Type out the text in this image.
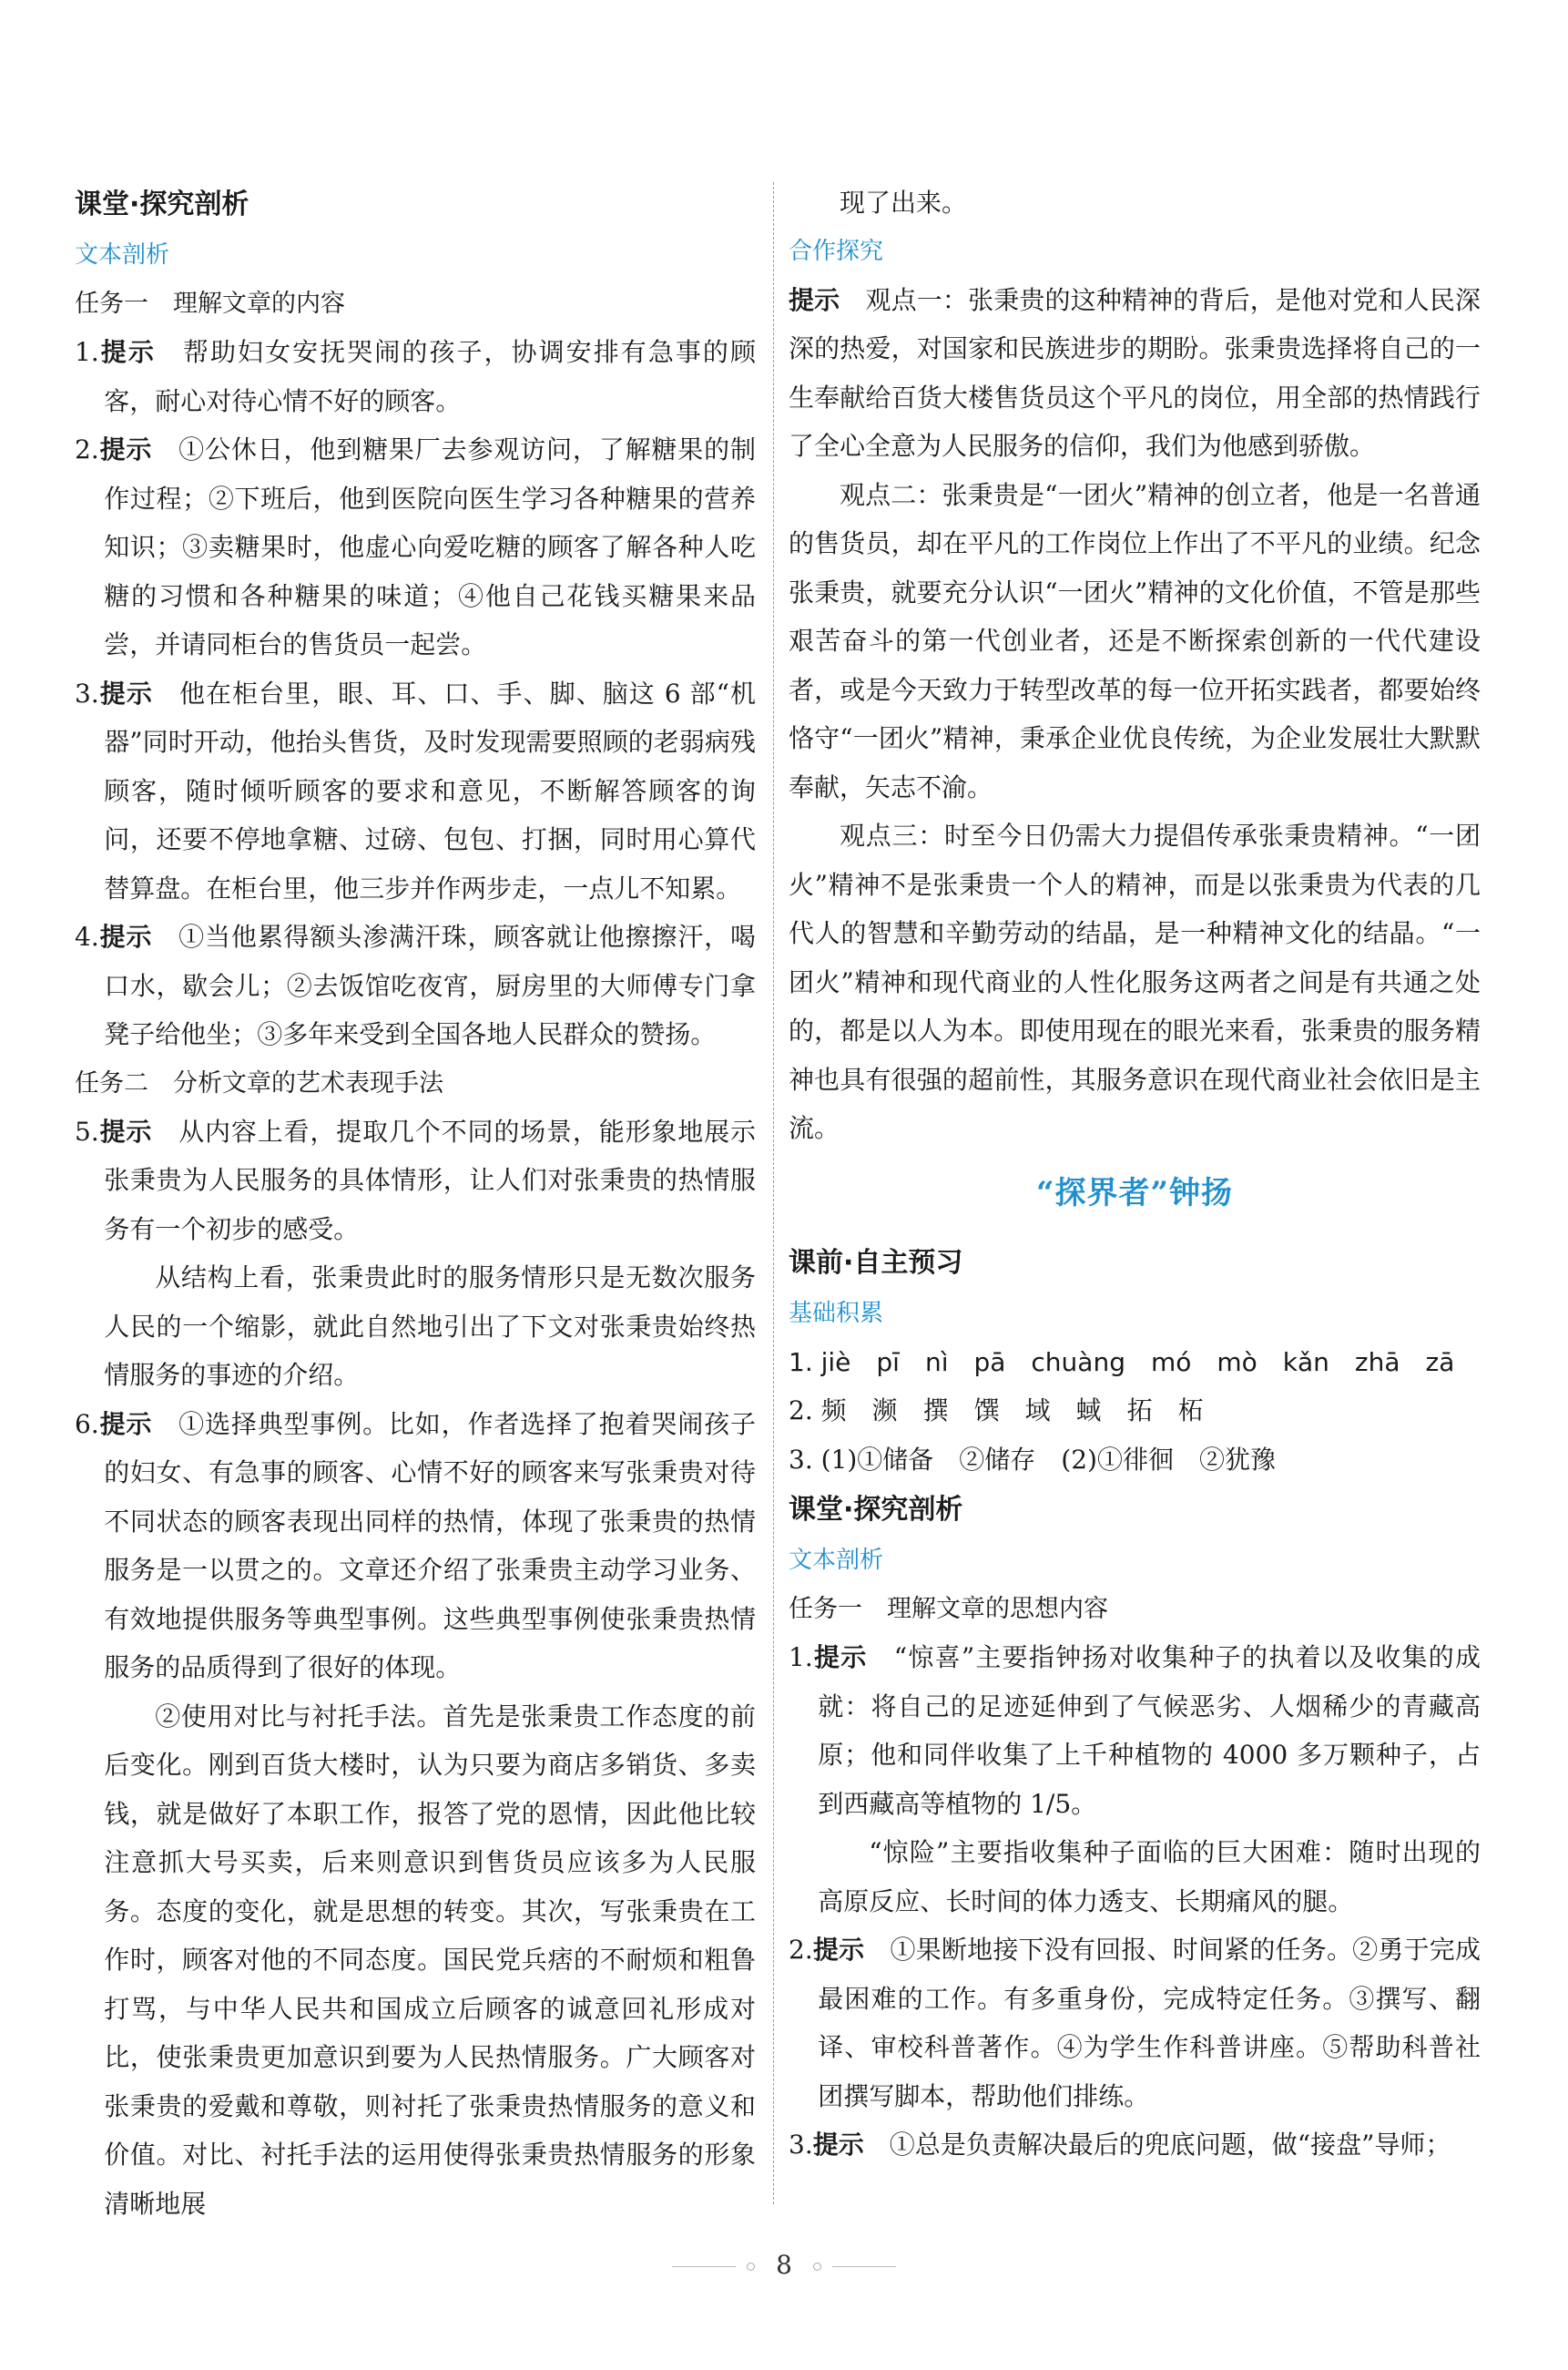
课堂·探究剖析

文本剖析

任务一　理解文章的内容

1.提示　 帮助妇女安抚哭闹的孩子，协调安排有急事的顾客，耐心对待心情不好的顾客。

2.提示　 ①公休日，他到糖果厂去参观访问，了解糖果的制作过程；②下班后，他到医院向医生学习各种糖果的营养知识；③卖糖果时，他虚心向爱吃糖的顾客了解各种人吃糖的习惯和各种糖果的味道；④他自己花钱买糖果来品尝，并请同柜台的售货员一起尝。

3.提示　 他在柜台里，眼、耳、口、手、脚、脑这 6 部“机器”同时开动，他抬头售货，及时发现需要照顾的老弱病残顾客，随时倾听顾客的要求和意见，不断解答顾客的询问，还要不停地拿糖、过磅、包包、打捆，同时用心算代替算盘。在柜台里，他三步并作两步走，一点儿不知累。

4.提示　 ①当他累得额头渗满汗珠，顾客就让他擦擦汗，喝口水，歇会儿；②去饭馆吃夜宵，厨房里的大师傅专门拿凳子给他坐；③多年来受到全国各地人民群众的赞扬。

任务二　分析文章的艺术表现手法

5.提示　 从内容上看，提取几个不同的场景，能形象地展示张秉贵为人民服务的具体情形，让人们对张秉贵的热情服务有一个初步的感受。

从结构上看，张秉贵此时的服务情形只是无数次服务人民的一个缩影，就此自然地引出了下文对张秉贵始终热情服务的事迹的介绍。

6.提示　 ①选择典型事例。比如，作者选择了抱着哭闹孩子的妇女、有急事的顾客、心情不好的顾客来写张秉贵对待不同状态的顾客表现出同样的热情，体现了张秉贵的热情服务是一以贯之的。文章还介绍了张秉贵主动学习业务、有效地提供服务等典型事例。这些典型事例使张秉贵热情服务的品质得到了很好的体现。

②使用对比与衬托手法。首先是张秉贵工作态度的前后变化。刚到百货大楼时，认为只要为商店多销货、多卖钱，就是做好了本职工作，报答了党的恩情，因此他比较注意抓大号买卖，后来则意识到售货员应该多为人民服务。态度的变化，就是思想的转变。其次，写张秉贵在工作时，顾客对他的不同态度。国民党兵痞的不耐烦和粗鲁打骂，与中华人民共和国成立后顾客的诚意回礼形成对比，使张秉贵更加意识到要为人民热情服务。广大顾客对张秉贵的爱戴和尊敬，则衬托了张秉贵热情服务的意义和价值。对比、衬托手法的运用使得张秉贵热情服务的形象清晰地展

现了出来。

合作探究

提示　 观点一：张秉贵的这种精神的背后，是他对党和人民深深的热爱，对国家和民族进步的期盼。张秉贵选择将自己的一生奉献给百货大楼售货员这个平凡的岗位，用全部的热情践行了全心全意为人民服务的信仰，我们为他感到骄傲。

观点二：张秉贵是“一团火”精神的创立者，他是一名普通的售货员，却在平凡的工作岗位上作出了不平凡的业绩。纪念张秉贵，就要充分认识“一团火”精神的文化价值，不管是那些艰苦奋斗的第一代创业者，还是不断探索创新的一代代建设者，或是今天致力于转型改革的每一位开拓实践者，都要始终恪守“一团火”精神，秉承企业优良传统，为企业发展壮大默默奉献，矢志不渝。

观点三：时至今日仍需大力提倡传承张秉贵精神。“一团火”精神不是张秉贵一个人的精神，而是以张秉贵为代表的几代人的智慧和辛勤劳动的结晶，是一种精神文化的结晶。“一团火”精神和现代商业的人性化服务这两者之间是有共通之处的，都是以人为本。即使用现在的眼光来看，张秉贵的服务精神也具有很强的超前性，其服务意识在现代商业社会依旧是主流。

“探界者”钟扬

课前·自主预习

基础积累

1. jiè　pī　nì　pā　chuàng　mó　mò　kǎn　zhā　zā

2. 频　濒　撰　馔　域　蜮　拓　柘

3. (1)①储备　②储存　(2)①徘徊　②犹豫

课堂·探究剖析

文本剖析

任务一　理解文章的思想内容

1.提示　 “惊喜”主要指钟扬对收集种子的执着以及收集的成就：将自己的足迹延伸到了气候恶劣、人烟稀少的青藏高原；他和同伴收集了上千种植物的 4000 多万颗种子，占到西藏高等植物的 1/5。

“惊险”主要指收集种子面临的巨大困难：随时出现的高原反应、长时间的体力透支、长期痛风的腿。

2.提示　 ①果断地接下没有回报、时间紧的任务。②勇于完成最困难的工作。有多重身份，完成特定任务。③撰写、翻译、审校科普著作。④为学生作科普讲座。⑤帮助科普社团撰写脚本，帮助他们排练。

3.提示　 ①总是负责解决最后的兜底问题，做“接盘”导师；

8
